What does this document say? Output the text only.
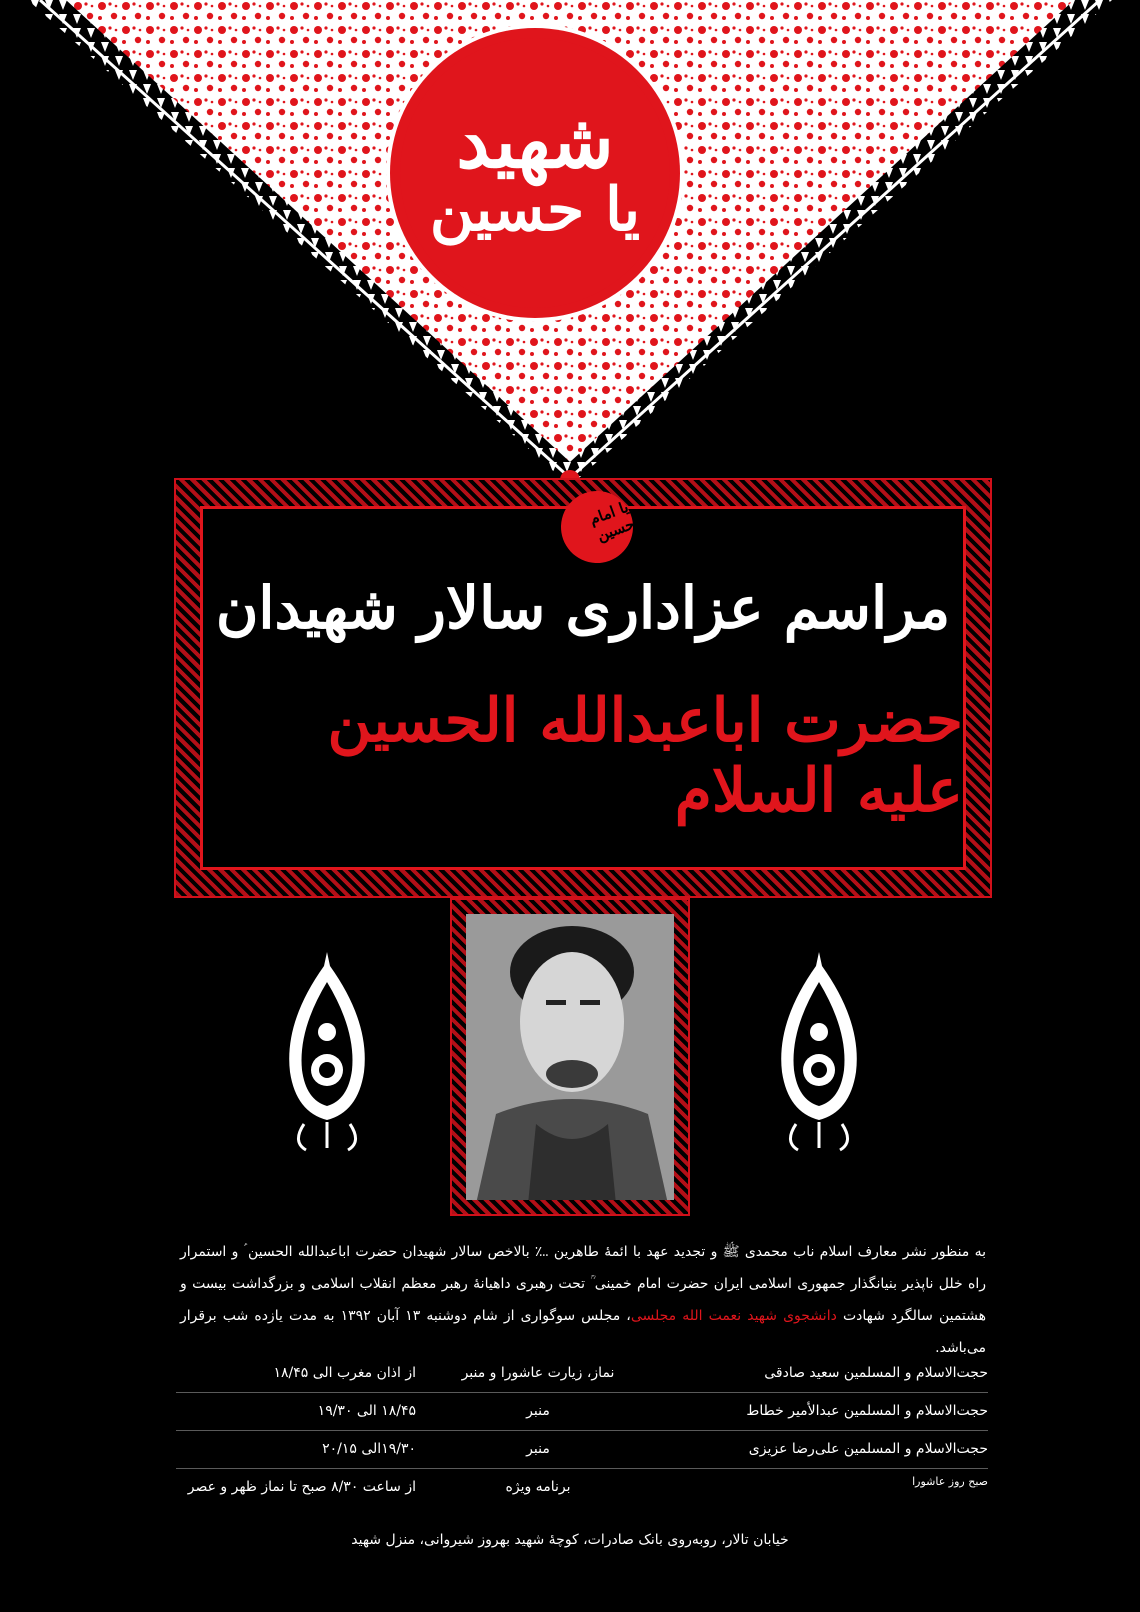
شهید
یا حسین
یا امام حسین
مراسم عزاداری سالار شهیدان
حضرت اباعبدالله الحسین علیه السلام
به منظور نشر معارف اسلام ناب محمدی ﷺ و تجدید عهد با ائمهٔ طاهرین ؊ بالاخص سالار شهیدان حضرت اباعبدالله الحسین ؑ و استمرار راه خلل ناپذیر بنیانگذار جمهوری اسلامی ایران حضرت امام خمینی ؒ تحت رهبری داهیانهٔ رهبر معظم انقلاب اسلامی و بزرگداشت بیست و هشتمین سالگرد شهادت دانشجوی شهید نعمت الله مجلسی، مجلس سوگواری از شام دوشنبه ۱۳ آبان ۱۳۹۲ به مدت یازده شب برقرار می‌باشد.
حجت‌الاسلام و المسلمین سعید صادقی
نماز، زیارت عاشورا و منبر
از اذان مغرب الی ۱۸/۴۵
حجت‌الاسلام و المسلمین عبدالأمیر خطاط
منبر
۱۸/۴۵ الی ۱۹/۳۰
حجت‌الاسلام و المسلمین علی‌رضا عزیزی
منبر
۱۹/۳۰الی ۲۰/۱۵
صبح روز عاشورا
برنامه ویژه
از ساعت ۸/۳۰ صبح تا نماز ظهر و عصر
خیابان تالار، روبه‌روی بانک صادرات، کوچهٔ شهید بهروز شیروانی، منزل شهید
